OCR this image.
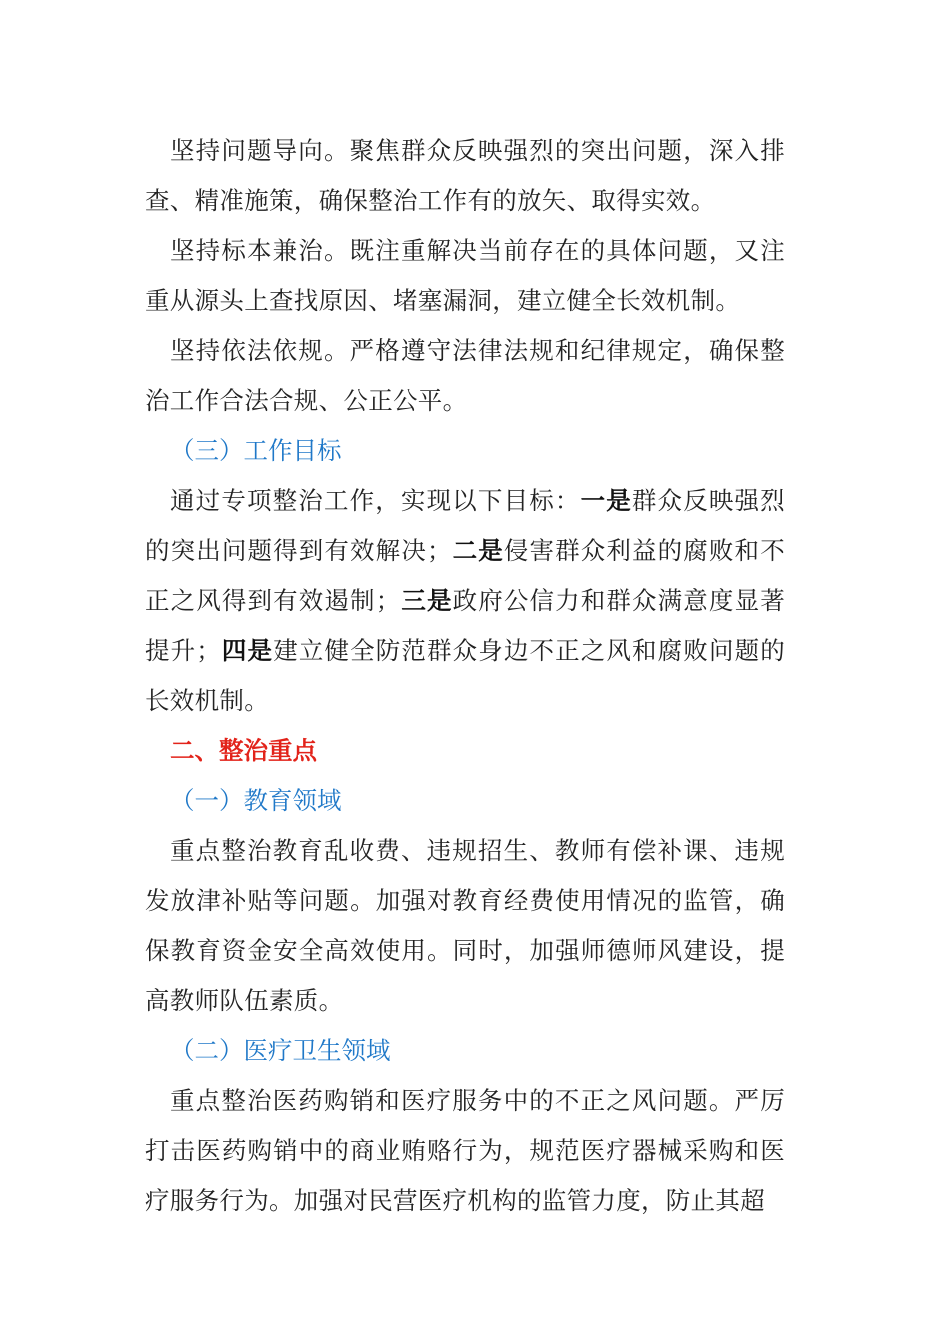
坚持问题导向。聚焦群众反映强烈的突出问题，深入排查、精准施策，确保整治工作有的放矢、取得实效。

坚持标本兼治。既注重解决当前存在的具体问题，又注重从源头上查找原因、堵塞漏洞，建立健全长效机制。

坚持依法依规。严格遵守法律法规和纪律规定，确保整治工作合法合规、公正公平。

（三）工作目标

通过专项整治工作，实现以下目标：一是群众反映强烈的突出问题得到有效解决；二是侵害群众利益的腐败和不正之风得到有效遏制；三是政府公信力和群众满意度显著提升；四是建立健全防范群众身边不正之风和腐败问题的长效机制。

二、整治重点

（一）教育领域

重点整治教育乱收费、违规招生、教师有偿补课、违规发放津补贴等问题。加强对教育经费使用情况的监管，确保教育资金安全高效使用。同时，加强师德师风建设，提高教师队伍素质。

（二）医疗卫生领域

重点整治医药购销和医疗服务中的不正之风问题。严厉打击医药购销中的商业贿赂行为，规范医疗器械采购和医疗服务行为。加强对民营医疗机构的监管力度，防止其超
